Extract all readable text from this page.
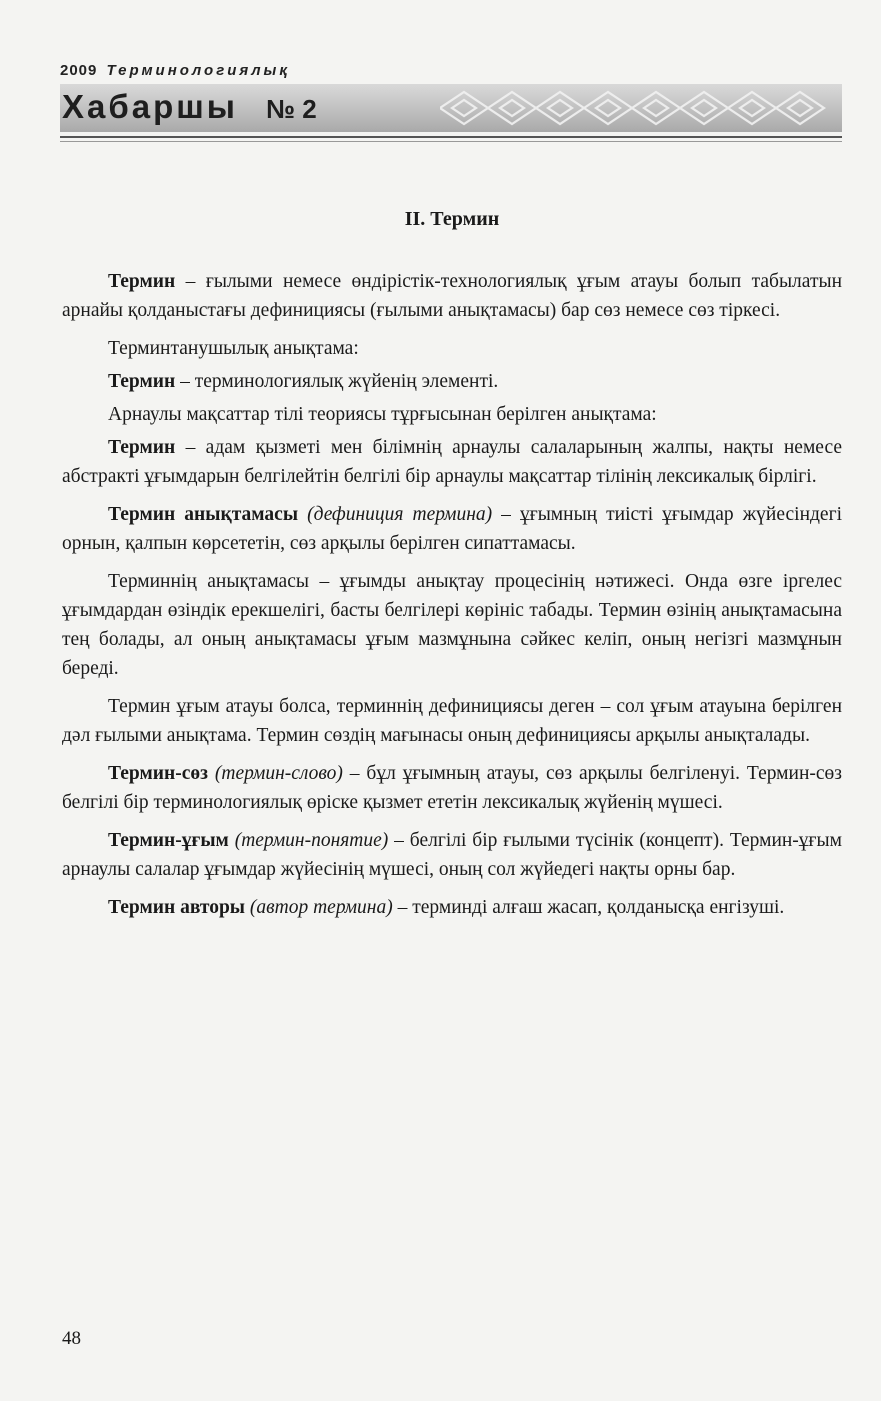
2009 Терминологиялық
Хабаршы № 2
II. Термин

Термин – ғылыми немесе өндірістік-технологиялық ұғым атауы болып табылатын арнайы қолданыстағы дефинициясы (ғылыми анықтамасы) бар сөз немесе сөз тіркесі.

Терминтанушылық анықтама:

Термин – терминологиялық жүйенің элементі.

Арнаулы мақсаттар тілі теориясы тұрғысынан берілген анықтама:

Термин – адам қызметі мен білімнің арнаулы салаларының жалпы, нақты немесе абстракті ұғымдарын белгілейтін белгілі бір арнаулы мақсаттар тілінің лексикалық бірлігі.

Термин анықтамасы (дефиниция термина) – ұғымның тиісті ұғымдар жүйесіндегі орнын, қалпын көрсететін, сөз арқылы берілген сипаттамасы.

Терминнің анықтамасы – ұғымды анықтау процесінің нәтижесі. Онда өзге іргелес ұғымдардан өзіндік ерекшелігі, басты белгілері көрініс табады. Термин өзінің анықтамасына тең болады, ал оның анықтамасы ұғым мазмұнына сәйкес келіп, оның негізгі мазмұнын береді.

Термин ұғым атауы болса, терминнің дефинициясы деген – сол ұғым атауына берілген дәл ғылыми анықтама. Термин сөздің мағынасы оның дефинициясы арқылы анықталады.

Термин-сөз (термин-слово) – бұл ұғымның атауы, сөз арқылы белгіленуі. Термин-сөз белгілі бір терминологиялық өріске қызмет ететін лексикалық жүйенің мүшесі.

Термин-ұғым (термин-понятие) – белгілі бір ғылыми түсінік (концепт). Термин-ұғым арнаулы салалар ұғымдар жүйесінің мүшесі, оның сол жүйедегі нақты орны бар.

Термин авторы (автор термина) – терминді алғаш жасап, қолданысқа енгізуші.

48
